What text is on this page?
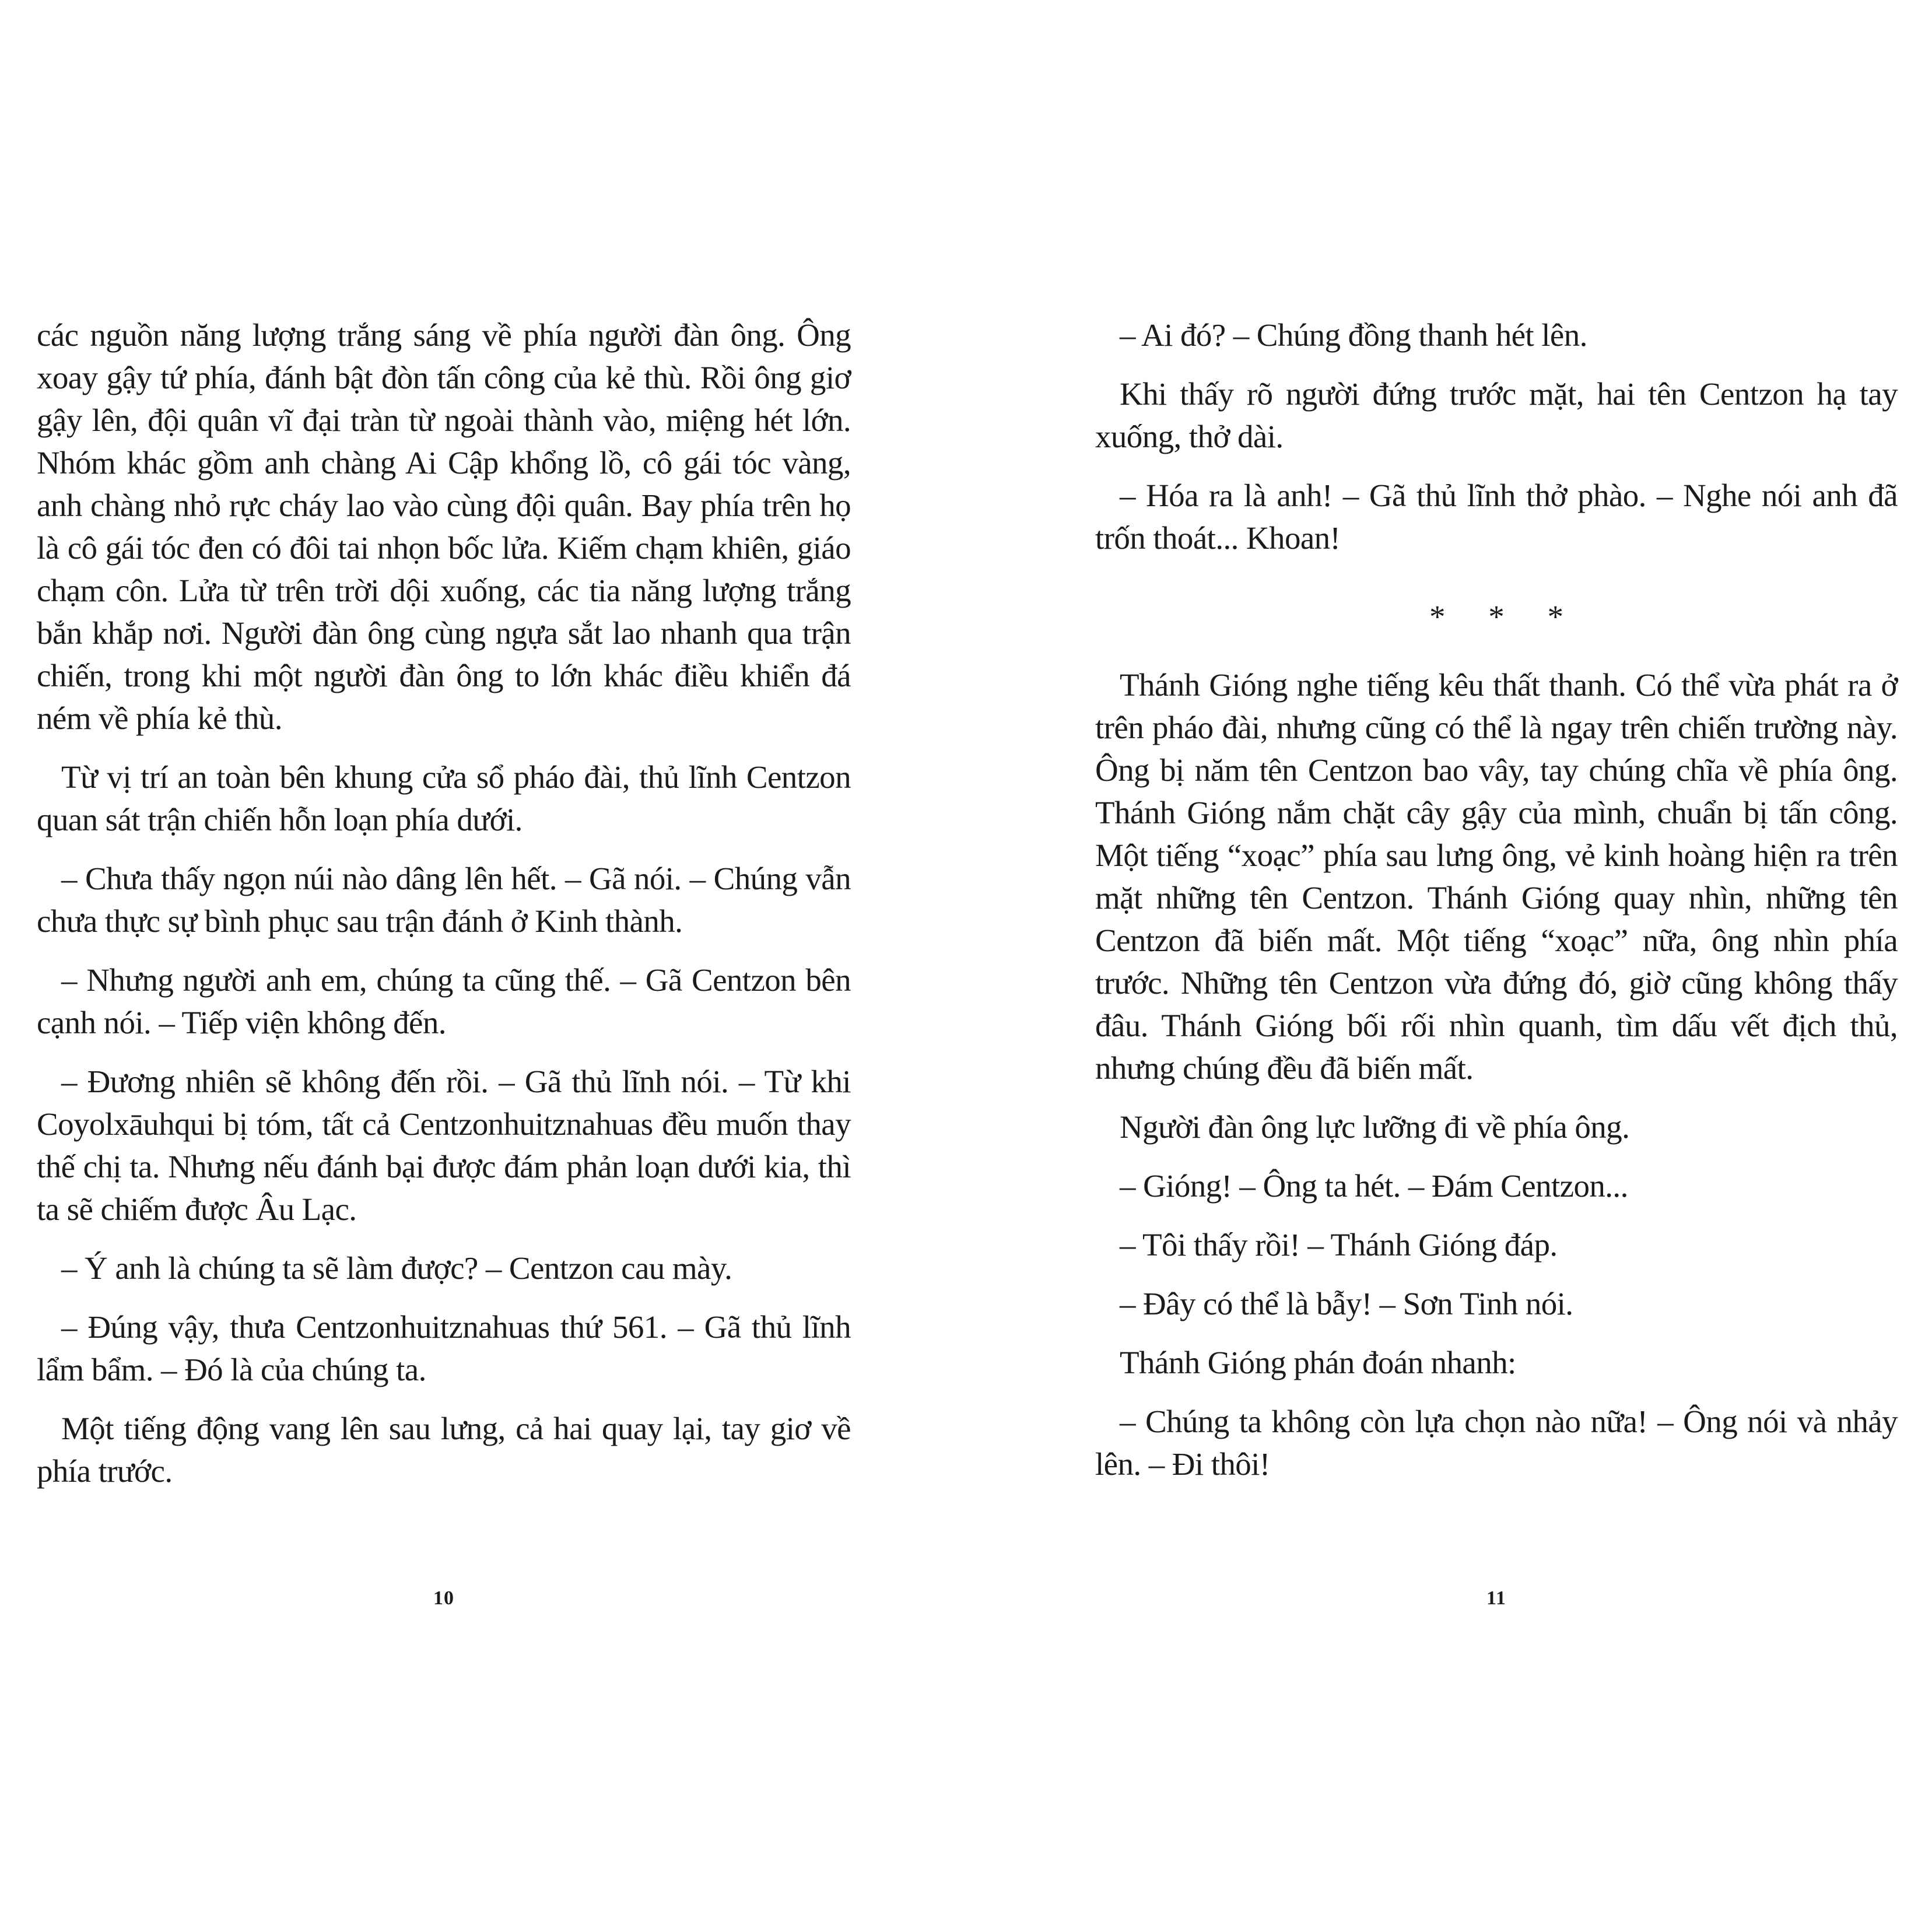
các nguồn năng lượng trắng sáng về phía người đàn ông. Ông xoay gậy tứ phía, đánh bật đòn tấn công của kẻ thù. Rồi ông giơ gậy lên, đội quân vĩ đại tràn từ ngoài thành vào, miệng hét lớn. Nhóm khác gồm anh chàng Ai Cập khổng lồ, cô gái tóc vàng, anh chàng nhỏ rực cháy lao vào cùng đội quân. Bay phía trên họ là cô gái tóc đen có đôi tai nhọn bốc lửa. Kiếm chạm khiên, giáo chạm côn. Lửa từ trên trời dội xuống, các tia năng lượng trắng bắn khắp nơi. Người đàn ông cùng ngựa sắt lao nhanh qua trận chiến, trong khi một người đàn ông to lớn khác điều khiển đá ném về phía kẻ thù.

Từ vị trí an toàn bên khung cửa sổ pháo đài, thủ lĩnh Centzon quan sát trận chiến hỗn loạn phía dưới.

– Chưa thấy ngọn núi nào dâng lên hết. – Gã nói. – Chúng vẫn chưa thực sự bình phục sau trận đánh ở Kinh thành.

– Nhưng người anh em, chúng ta cũng thế. – Gã Centzon bên cạnh nói. – Tiếp viện không đến.

– Đương nhiên sẽ không đến rồi. – Gã thủ lĩnh nói. – Từ khi Coyolxāuhqui bị tóm, tất cả Centzonhuitznahuas đều muốn thay thế chị ta. Nhưng nếu đánh bại được đám phản loạn dưới kia, thì ta sẽ chiếm được Âu Lạc.

– Ý anh là chúng ta sẽ làm được? – Centzon cau mày.

– Đúng vậy, thưa Centzonhuitznahuas thứ 561. – Gã thủ lĩnh lẩm bẩm. – Đó là của chúng ta.

Một tiếng động vang lên sau lưng, cả hai quay lại, tay giơ về phía trước.

– Ai đó? – Chúng đồng thanh hét lên.

Khi thấy rõ người đứng trước mặt, hai tên Centzon hạ tay xuống, thở dài.

– Hóa ra là anh! – Gã thủ lĩnh thở phào. – Nghe nói anh đã trốn thoát... Khoan!

* * *

Thánh Gióng nghe tiếng kêu thất thanh. Có thể vừa phát ra ở trên pháo đài, nhưng cũng có thể là ngay trên chiến trường này. Ông bị năm tên Centzon bao vây, tay chúng chĩa về phía ông. Thánh Gióng nắm chặt cây gậy của mình, chuẩn bị tấn công. Một tiếng “xoạc” phía sau lưng ông, vẻ kinh hoàng hiện ra trên mặt những tên Centzon. Thánh Gióng quay nhìn, những tên Centzon đã biến mất. Một tiếng “xoạc” nữa, ông nhìn phía trước. Những tên Centzon vừa đứng đó, giờ cũng không thấy đâu. Thánh Gióng bối rối nhìn quanh, tìm dấu vết địch thủ, nhưng chúng đều đã biến mất.

Người đàn ông lực lưỡng đi về phía ông.

– Gióng! – Ông ta hét. – Đám Centzon...

– Tôi thấy rồi! – Thánh Gióng đáp.

– Đây có thể là bẫy! – Sơn Tinh nói.

Thánh Gióng phán đoán nhanh:

– Chúng ta không còn lựa chọn nào nữa! – Ông nói và nhảy lên. – Đi thôi!

10	11
